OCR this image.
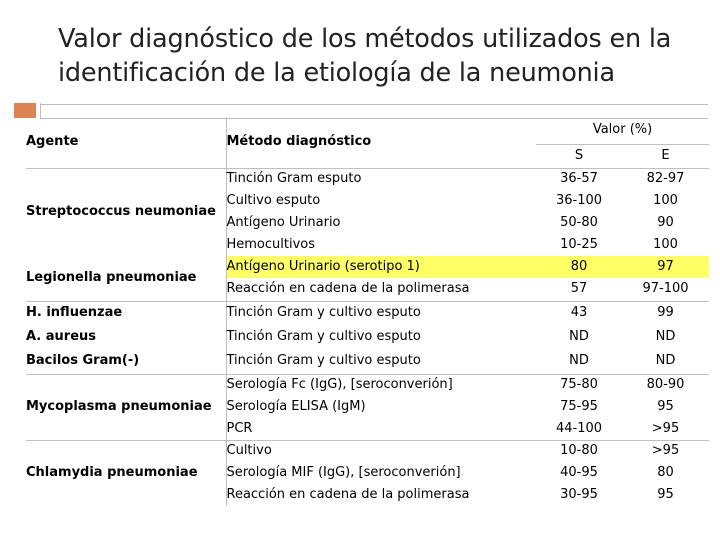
Valor diagnóstico de los métodos utilizados en la identificación de la etiología de la neumonia
Agente	Método diagnóstico	Valor (%)	
		S	E
Streptococcus neumoniae	Tinción Gram esputo	36-57	82-97
	Cultivo esputo	36-100	100
	Antígeno Urinario	50-80	90
	Hemocultivos	10-25	100
Legionella pneumoniae	Antígeno Urinario (serotipo 1)	80	97
	Reacción en cadena de la polimerasa	57	97-100
H. influenzae	Tinción Gram y cultivo esputo	43	99
A. aureus	Tinción Gram y cultivo esputo	ND	ND
Bacilos Gram(-)	Tinción Gram y cultivo esputo	ND	ND
Mycoplasma pneumoniae	Serología Fc (IgG), [seroconverión]	75-80	80-90
	Serología ELISA (IgM)	75-95	95
	PCR	44-100	>95
Chlamydia pneumoniae	Cultivo	10-80	>95
	Serología MIF (IgG), [seroconverión]	40-95	80
	Reacción en cadena de la polimerasa	30-95	95
